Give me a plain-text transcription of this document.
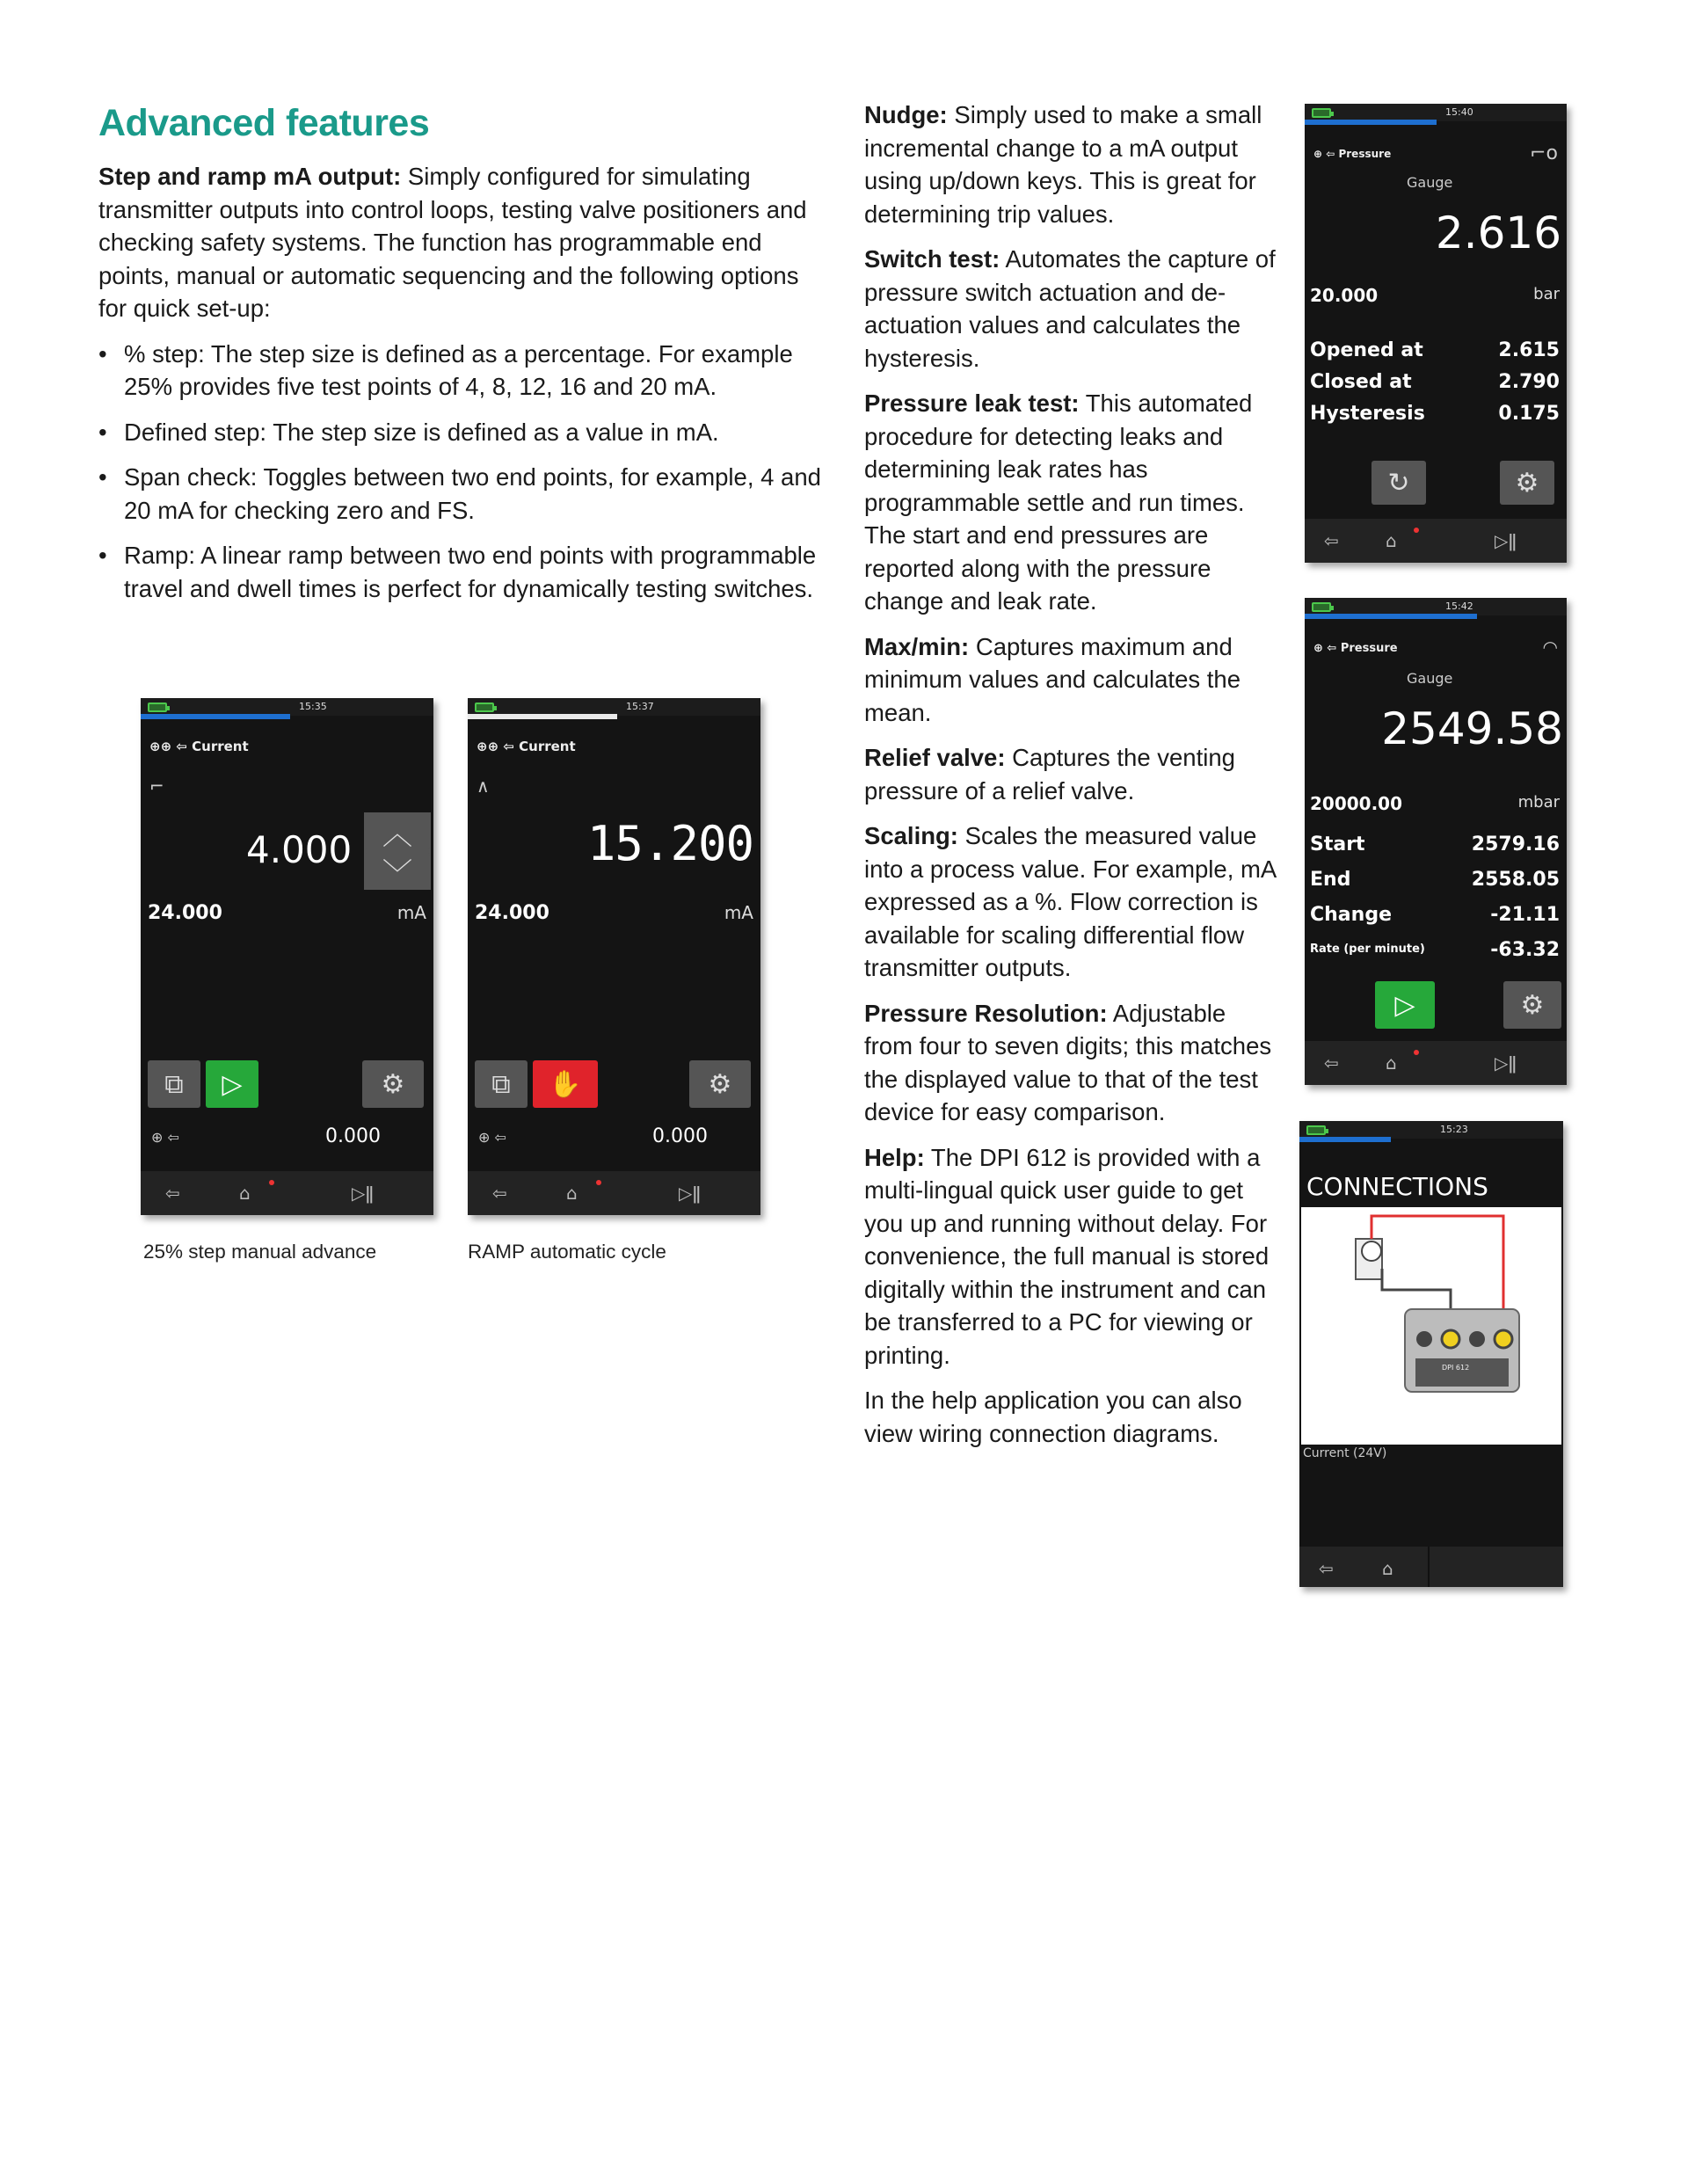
Advanced features

Step and ramp mA output: Simply configured for simulating transmitter outputs into control loops, testing valve positioners and checking safety systems. The function has programmable end points, manual or automatic sequencing and the following options for quick set-up:

• % step: The step size is defined as a percentage. For example 25% provides five test points of 4, 8, 12, 16 and 20 mA.
• Defined step: The step size is defined as a value in mA.
• Span check: Toggles between two end points, for example, 4 and 20 mA for checking zero and FS.
• Ramp: A linear ramp between two end points with programmable travel and dwell times is perfect for dynamically testing switches.

Nudge: Simply used to make a small incremental change to a mA output using up/down keys. This is great for determining trip values.

Switch test: Automates the capture of pressure switch actuation and de-actuation values and calculates the hysteresis.

Pressure leak test: This automated procedure for detecting leaks and determining leak rates has programmable settle and run times. The start and end pressures are reported along with the pressure change and leak rate.

Max/min: Captures maximum and minimum values and calculates the mean.

Relief valve: Captures the venting pressure of a relief valve.

Scaling: Scales the measured value into a process value. For example, mA expressed as a %. Flow correction is available for scaling differential flow transmitter outputs.

Pressure Resolution: Adjustable from four to seven digits; this matches the displayed value to that of the test device for easy comparison.

Help: The DPI 612 is provided with a multi-lingual quick user guide to get you up and running without delay. For convenience, the full manual is stored digitally within the instrument and can be transferred to a PC for viewing or printing.

In the help application you can also view wiring connection diagrams.

15:35
⊕⊕ ⇦ Current
⌐
4.000	︿
﹀
24.000	mA
⧉ ▷	⚙
⊕ ⇦	0.000
⇦	⌂	▷ǁ
15:37
⊕⊕ ⇦ Current
∧
15.200
24.000	mA
⧉ ✋	⚙
⊕ ⇦	0.000
⇦	⌂	▷ǁ
25% step manual advance	RAMP automatic cycle
15:40
⊕ ⇦ Pressure	⌐o
Gauge
2.616
20.000	bar
Opened at	2.615
Closed at	2.790
Hysteresis	0.175
↻	⚙
⇦	⌂	▷ǁ
15:42
⊕ ⇦ Pressure	◠
Gauge
2549.58
20000.00	mbar
Start	2579.16
End	2558.05
Change	-21.11
Rate (per minute)	-63.32
▷	⚙
⇦	⌂	▷ǁ
15:23
CONNECTIONS
DPI 612
Current (24V)
⇦	⌂
